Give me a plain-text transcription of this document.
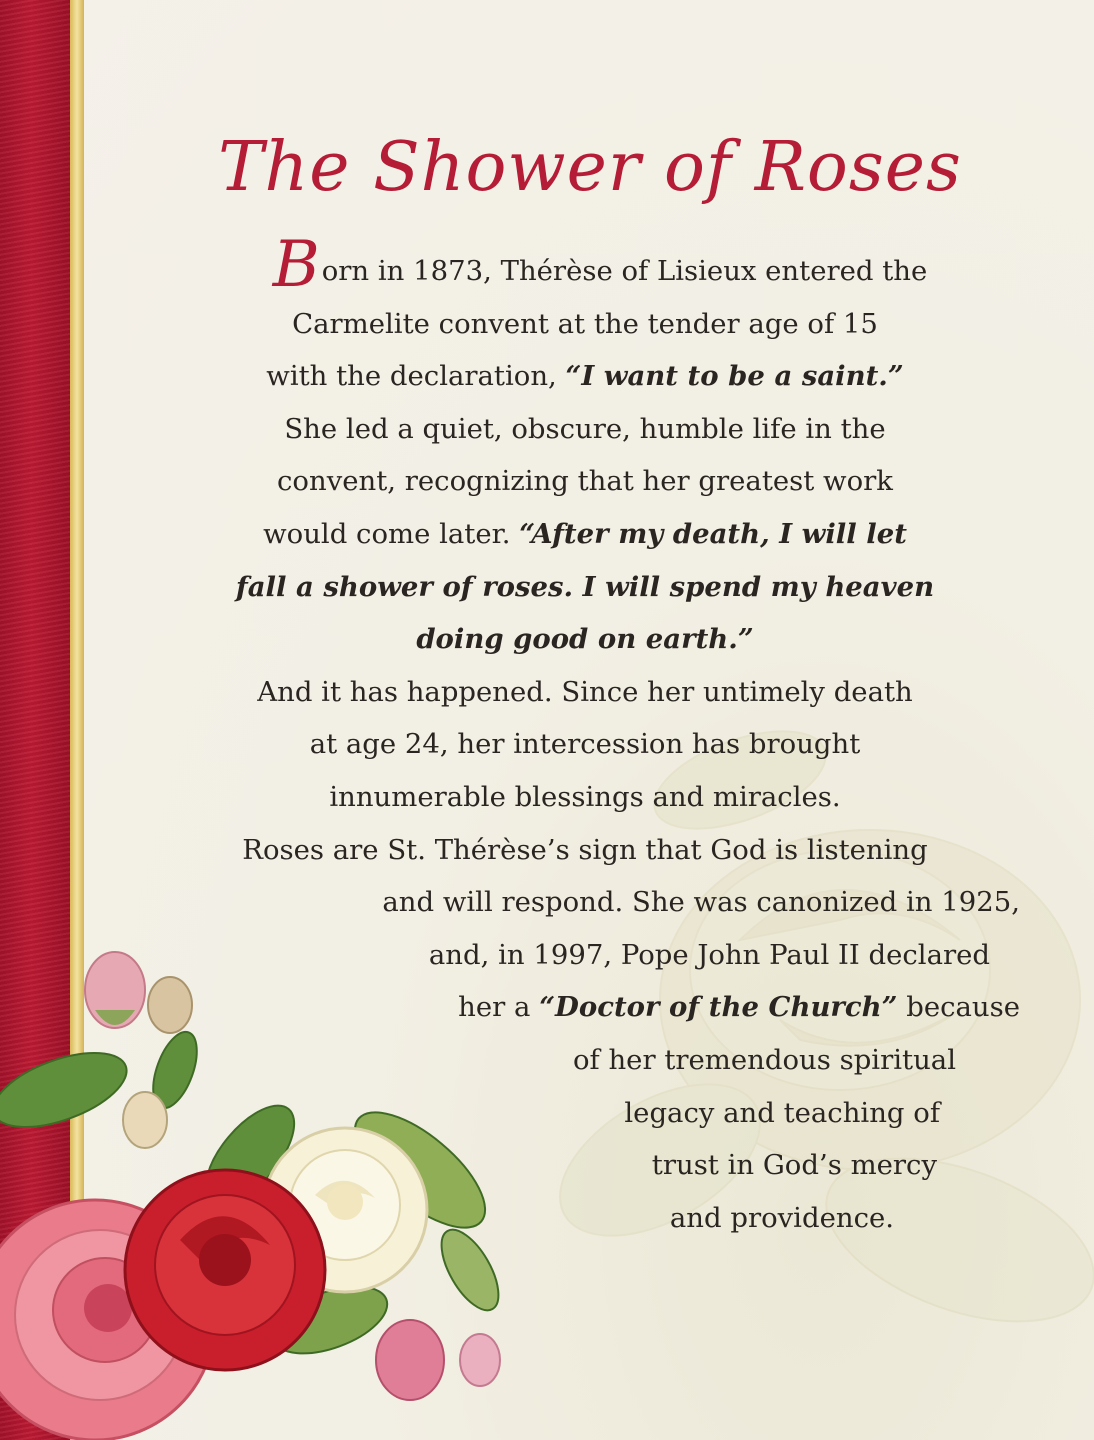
The Shower of Roses
Born in 1873, Thérèse of Lisieux entered the
Carmelite convent at the tender age of 15
with the declaration, “I want to be a saint.”
She led a quiet, obscure, humble life in the
convent, recognizing that her greatest work
would come later. “After my death, I will let
fall a shower of roses. I will spend my heaven
doing good on earth.”
And it has happened. Since her untimely death
at age 24, her intercession has brought
innumerable blessings and miracles.
Roses are St. Thérèse’s sign that God is listening
and will respond. She was canonized in 1925,
and, in 1997, Pope John Paul II declared
her a “Doctor of the Church” because
of her tremendous spiritual
legacy and teaching of
trust in God’s mercy
and providence.
